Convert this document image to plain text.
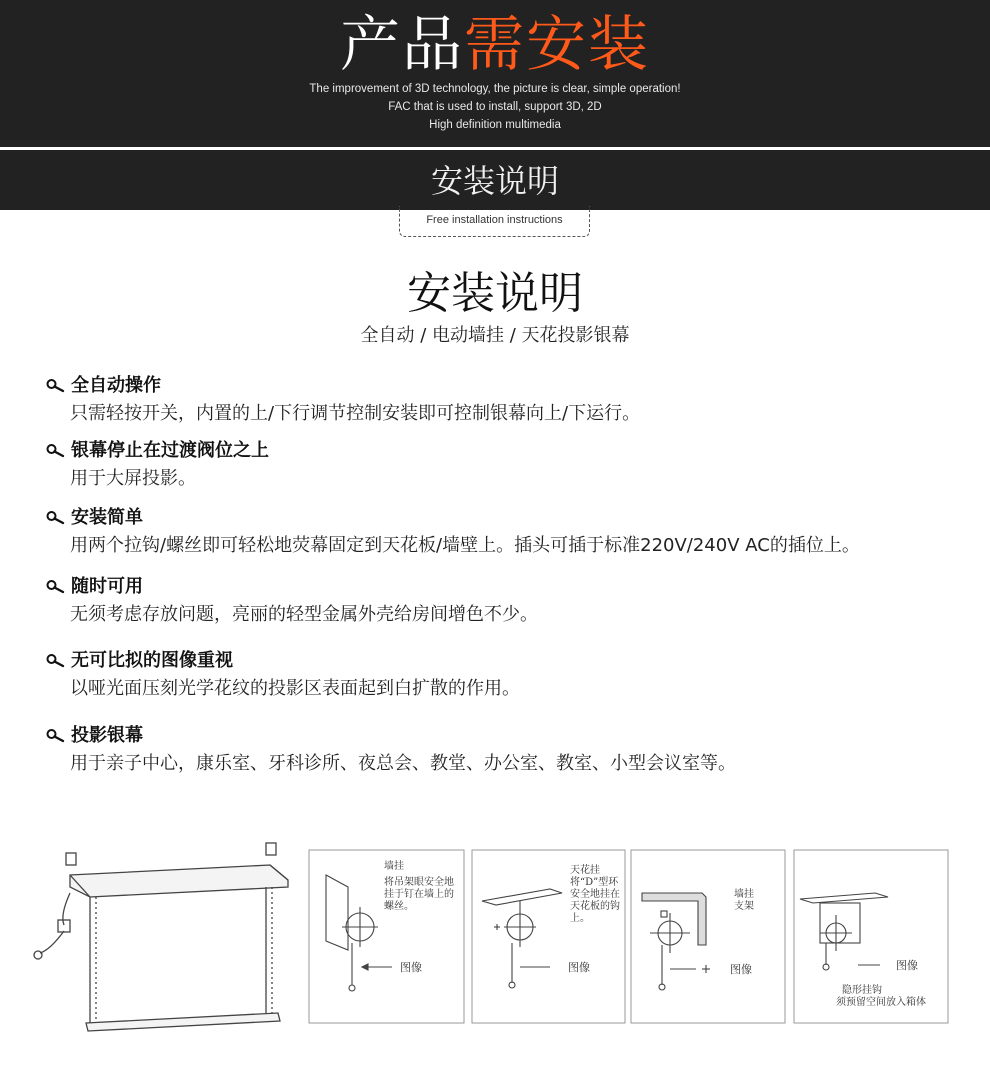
产品需安装
The improvement of 3D technology, the picture is clear, simple operation!
FAC that is used to install, support 3D, 2D
High definition multimedia
安装说明
Free installation instructions
安装说明
全自动 / 电动墙挂 / 天花投影银幕
全自动操作
只需轻按开关，内置的上/下行调节控制安装即可控制银幕向上/下运行。
银幕停止在过渡阀位之上
用于大屏投影。
安装简单
用两个拉钩/螺丝即可轻松地荧幕固定到天花板/墙壁上。插头可插于标准220V/240V AC的插位上。
随时可用
无须考虑存放问题，亮丽的轻型金属外壳给房间增色不少。
无可比拟的图像重视
以哑光面压刻光学花纹的投影区表面起到白扩散的作用。
投影银幕
用于亲子中心，康乐室、牙科诊所、夜总会、教堂、办公室、教室、小型会议室等。
墙挂
将吊架眼安全地
挂于钉在墙上的
螺丝。
图像
天花挂
将“D”型环
安全地挂在
天花板的钩
上。
图像
墙挂
支架
图像	图像
隐形挂钩
须预留空间放入箱体
